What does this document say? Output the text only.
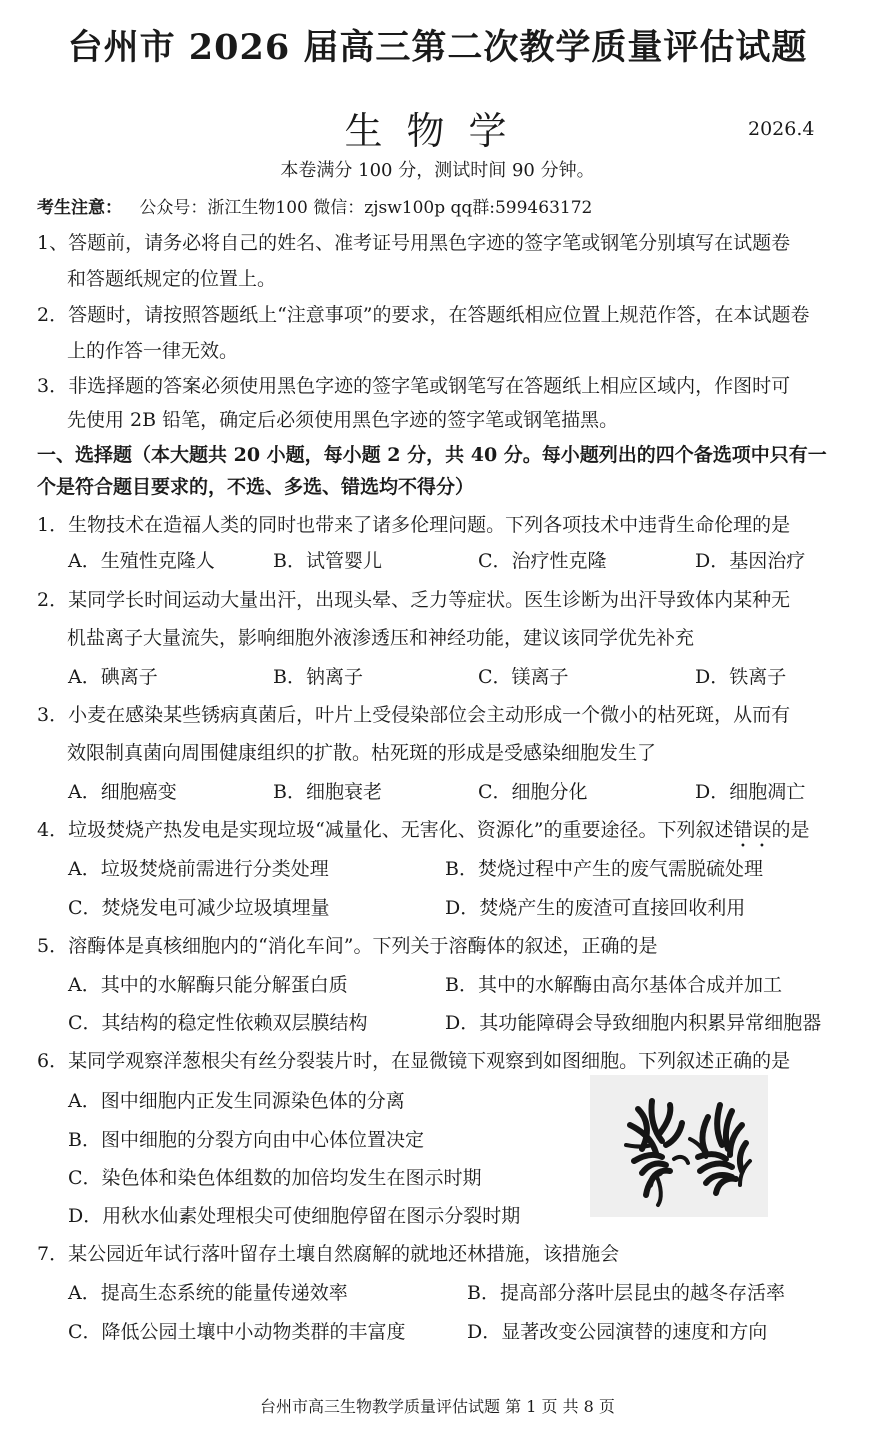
台州市 2026 届高三第二次教学质量评估试题
生物学	2026.4
本卷满分 100 分，测试时间 90 分钟。
考生注意： 公众号：浙江生物100 微信：zjsw100p qq群:599463172
1、答题前，请务必将自己的姓名、准考证号用黑色字迹的签字笔或钢笔分别填写在试题卷
和答题纸规定的位置上。
2．答题时，请按照答题纸上“注意事项”的要求，在答题纸相应位置上规范作答，在本试题卷
上的作答一律无效。
3．非选择题的答案必须使用黑色字迹的签字笔或钢笔写在答题纸上相应区域内，作图时可
先使用 2B 铅笔，确定后必须使用黑色字迹的签字笔或钢笔描黑。
一、选择题（本大题共 20 小题，每小题 2 分，共 40 分。每小题列出的四个备选项中只有一
个是符合题目要求的，不选、多选、错选均不得分）
1．生物技术在造福人类的同时也带来了诸多伦理问题。下列各项技术中违背生命伦理的是
A．生殖性克隆人	B．试管婴儿	C．治疗性克隆	D．基因治疗
2．某同学长时间运动大量出汗，出现头晕、乏力等症状。医生诊断为出汗导致体内某种无
机盐离子大量流失，影响细胞外液渗透压和神经功能，建议该同学优先补充
A．碘离子	B．钠离子	C．镁离子	D．铁离子
3．小麦在感染某些锈病真菌后，叶片上受侵染部位会主动形成一个微小的枯死斑，从而有
效限制真菌向周围健康组织的扩散。枯死斑的形成是受感染细胞发生了
A．细胞癌变	B．细胞衰老	C．细胞分化	D．细胞凋亡
4．垃圾焚烧产热发电是实现垃圾“减量化、无害化、资源化”的重要途径。下列叙述错误的是
A．垃圾焚烧前需进行分类处理	B．焚烧过程中产生的废气需脱硫处理
C．焚烧发电可减少垃圾填埋量	D．焚烧产生的废渣可直接回收利用
5．溶酶体是真核细胞内的“消化车间”。下列关于溶酶体的叙述，正确的是
A．其中的水解酶只能分解蛋白质	B．其中的水解酶由高尔基体合成并加工
C．其结构的稳定性依赖双层膜结构	D．其功能障碍会导致细胞内积累异常细胞器
6．某同学观察洋葱根尖有丝分裂装片时，在显微镜下观察到如图细胞。下列叙述正确的是
A．图中细胞内正发生同源染色体的分离
B．图中细胞的分裂方向由中心体位置决定
C．染色体和染色体组数的加倍均发生在图示时期
D．用秋水仙素处理根尖可使细胞停留在图示分裂时期
7．某公园近年试行落叶留存土壤自然腐解的就地还林措施，该措施会
A．提高生态系统的能量传递效率	B．提高部分落叶层昆虫的越冬存活率
C．降低公园土壤中小动物类群的丰富度	D．显著改变公园演替的速度和方向
台州市高三生物教学质量评估试题 第 1 页 共 8 页
